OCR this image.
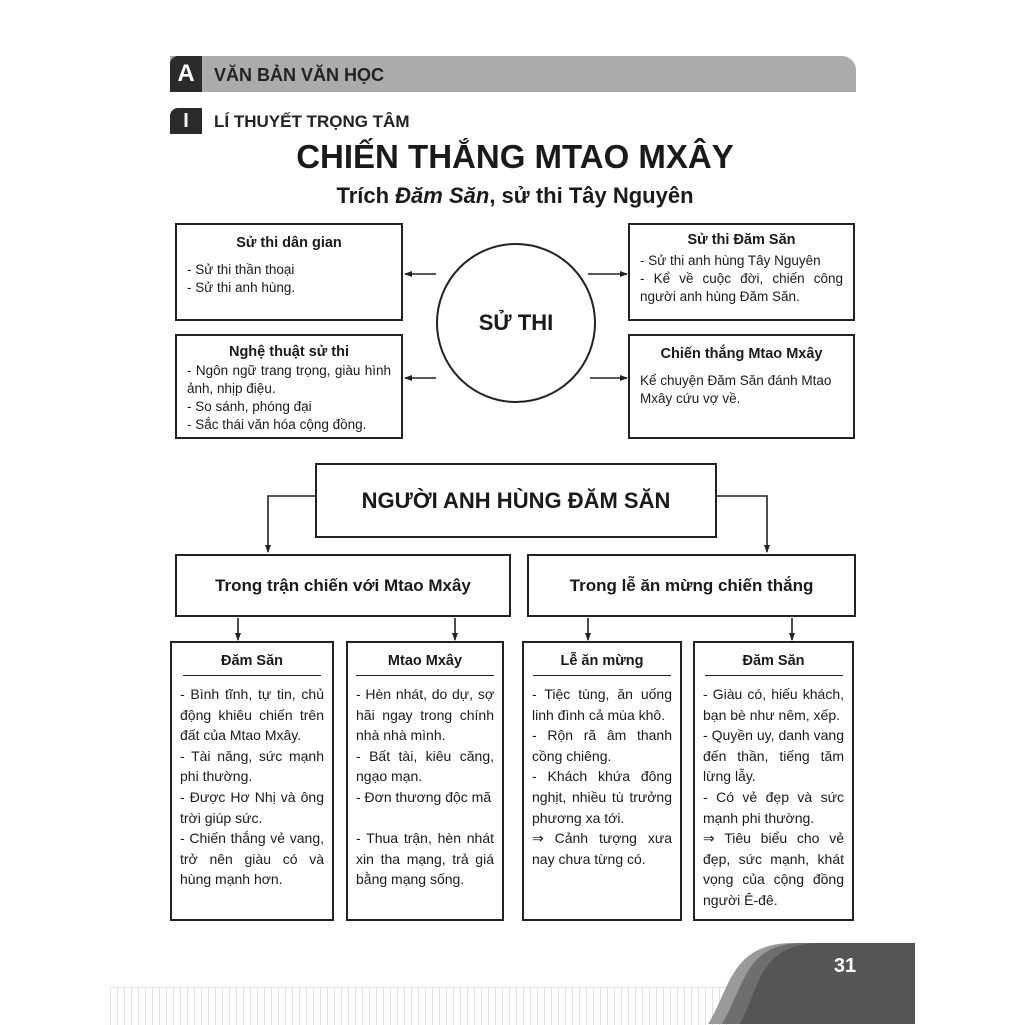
A	VĂN BẢN VĂN HỌC
I	LÍ THUYẾT TRỌNG TÂM
CHIẾN THẮNG MTAO MXÂY
Trích Đăm Săn, sử thi Tây Nguyên
Sử thi dân gian

- Sử thi thần thoại

- Sử thi anh hùng.

Nghệ thuật sử thi

- Ngôn ngữ trang trọng, giàu hình ảnh, nhịp điệu.

- So sánh, phóng đại

- Sắc thái văn hóa cộng đồng.

SỬ THI
Sử thi Đăm Săn

- Sử thi anh hùng Tây Nguyên

- Kể về cuộc đời, chiến công người anh hùng Đăm Săn.

Chiến thắng Mtao Mxây

Kể chuyện Đăm Săn đánh Mtao Mxây cứu vợ về.

NGƯỜI ANH HÙNG ĐĂM SĂN
Trong trận chiến với Mtao Mxây	Trong lễ ăn mừng chiến thắng
Đăm Săn

- Bình tĩnh, tự tin, chủ động khiêu chiến trên đất của Mtao Mxây.

- Tài năng, sức mạnh phi thường.

- Được Hơ Nhị và ông trời giúp sức.

- Chiến thắng vẻ vang, trở nên giàu có và hùng mạnh hơn.

Mtao Mxây

- Hèn nhát, do dự, sợ hãi ngay trong chính nhà nhà mình.

- Bất tài, kiêu căng, ngạo mạn.

- Đơn thương độc mã

- Thua trận, hèn nhát xin tha mạng, trả giá bằng mạng sống.

Lễ ăn mừng

- Tiệc tùng, ăn uống linh đình cả mùa khô.

- Rộn rã âm thanh cồng chiêng.

- Khách khứa đông nghịt, nhiều tù trưởng phương xa tới.

⇒ Cảnh tượng xưa nay chưa từng có.

Đăm Săn

- Giàu có, hiếu khách, bạn bè như nêm, xếp.

- Quyền uy, danh vang đến thần, tiếng tăm lừng lẫy.

- Có vẻ đẹp và sức mạnh phi thường.

⇒ Tiêu biểu cho vẻ đẹp, sức mạnh, khát vọng của cộng đồng người Ê-đê.

31
